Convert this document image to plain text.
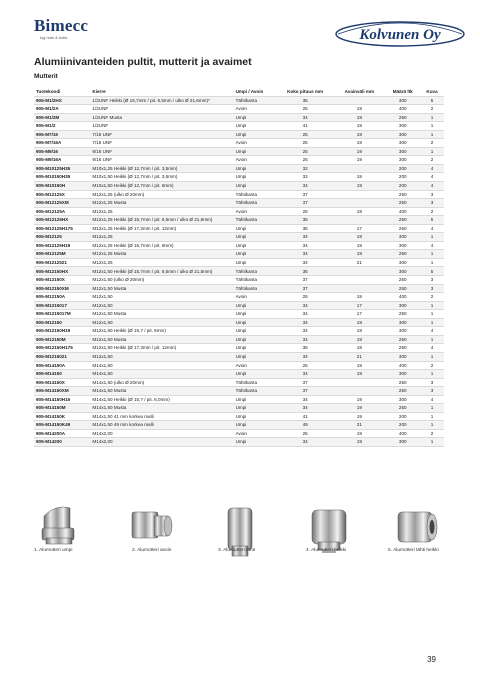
Bimecc
lug nuts & bolts	Kolvunen Oy
Alumiinivanteiden pultit, mutterit ja avaimet
Mutterit
Tuotekoodi	Kierre	Umpi / Avoin	Koko pituus mm	Avainväli mm	Määrä ltk	Kuva
905-M1/2HX	1/2UNF Heikki (Ø 15,7mm / pit. 6,5mm / ulko Ø 21,6mm)*	Tähtikanta	35		300	5
905-M1/2A	1/2UNF	Avoin	25	19	400	2
905-M1/2M	1/2UNF Musta	Umpi	34	19	250	1
905-M1/2	1/2UNF	Umpi	41	19	300	1
905-M7/16	7/16 UNF	Umpi	25	19	300	1
905-M7/16A	7/16 UNF	Avoin	25	19	300	2
905-M9/16	9/16 UNF	Umpi	25	19	300	1
905-M9/16A	9/16 UNF	Avoin	25	19	300	2
905-M10125H35	M10x1,25 Heikki (Ø 12,7mm / pit. 3,5mm)	Umpi	32		200	4
905-M10150H35	M10x1,50 Heikki (Ø 12,7mm / pit. 3,5mm)	Umpi	32	19	200	4
905-M10150H	M10x1,50 Heikki (Ø 12,7mm / pit. 6mm)	Umpi	34	19	200	4
905-M12125X	M12x1,25 (ulko Ø 20mm)	Tähtikanta	37		250	3
905-M12125XM	M12x1,25 Musta	Tähtikanta	37		250	3
905-M12125A	M12x1,25	Avoin	25	19	400	2
905-M12125HX	M12x1,25 Heikki (Ø 15,7mm / pit. 6,5mm / ulko Ø 21,6mm)	Tähtikanta	35		250	5
905-M12125H175	M12x1,25 Heikki (Ø 17,3mm / pit. 12mm)	Umpi	36	17	250	4
905-M12125	M12x1,25	Umpi	34	19	300	1
905-M12125H19	M12x1,25 Heikki (Ø 15,7mm / pit. 8mm)	Umpi	34	19	300	4
905-M12125M	M12x1,25 Musta	Umpi	34	19	250	1
905-M1212521	M12x1,25	Umpi	34	21	300	1
905-M12150HX	M12x1,50 Heikki (Ø 15,7mm / pit. 6,5mm / ulko Ø 21,6mm)	Tähtikanta	35		300	5
905-M12150X	M12x1,50 (ulko Ø 20mm)	Tähtikanta	37		250	3
905-M12150XM	M12x1,50 Musta	Tähtikanta	37		250	3
905-M12150A	M12x1,50	Avoin	25	19	400	2
905-M1215017	M12x1,50	Umpi	34	17	300	1
905-M1215017M	M12x1,50 Musta	Umpi	34	17	250	1
905-M12150	M12x1,50	Umpi	34	19	300	1
905-M12150H19	M12x1,50 Heikki (Ø 15,7 / pit. 6mm)	Umpi	34	19	300	4
905-M12150M	M12x1,50 Musta	Umpi	34	19	250	1
905-M12150H175	M12x1,50 Heikki (Ø 17,3mm / pit. 12mm)	Umpi	36	19	250	4
905-M1215021	M12x1,50	Umpi	34	21	300	1
905-M14150A	M14x1,50	Avoin	25	19	400	2
905-M14150	M14x1,50	Umpi	34	19	300	1
905-M14150X	M14x1,50 (ulko Ø 20mm)	Tähtikanta	37		250	3
905-M14150XM	M14x1,50 Musta	Tähtikanta	37		250	3
905-M14150H16	M14x1,50 Heikki (Ø 15,7 / pit. 6,0mm)	Umpi	34	19	300	4
905-M14150M	M14x1,50 Musta	Umpi	34	19	250	1
905-M14150K	M14x1,50 41 mm korkea malli	Umpi	41	19	200	1
905-M14150K49	M14x1,50 49 mm korkea malli	Umpi	49	21	200	1
905-M14200A	M14x2,00	Avoin	25	19	400	2
905-M14200	M14x2,00	Umpi	34	19	300	1
1. Alumutteri umpi	2. Alumutteri avoin	3. Alumutteri tähti	4. Alumutteri heikki	5. Alumutteri tähti heikki
39
